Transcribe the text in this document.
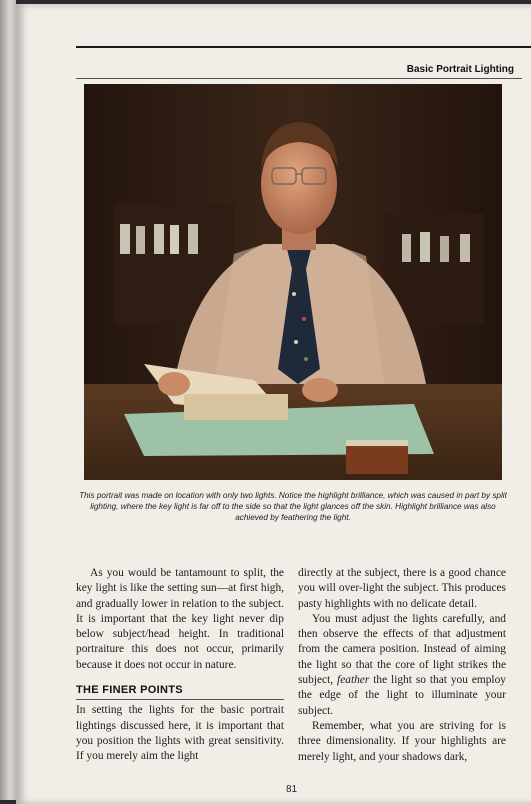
Basic Portrait Lighting
This portrait was made on location with only two lights. Notice the highlight brilliance, which was caused in part by split lighting, where the key light is far off to the side so that the light glances off the skin. Highlight brilliance was also achieved by feathering the light.

As you would be tantamount to split, the key light is like the setting sun—at first high, and gradually lower in relation to the subject. It is important that the key light never dip below subject/head height. In traditional portraiture this does not occur, primarily because it does not occur in nature.

THE FINER POINTS

In setting the lights for the basic portrait lightings discussed here, it is important that you position the lights with great sensitivity. If you merely aim the light

directly at the subject, there is a good chance you will over-light the subject. This produces pasty highlights with no delicate detail.

You must adjust the lights carefully, and then observe the effects of that adjustment from the camera position. Instead of aiming the light so that the core of light strikes the subject, feather the light so that you employ the edge of the light to illuminate your subject.

Remember, what you are striving for is three dimensionality. If your highlights are merely light, and your shadows dark,

81
